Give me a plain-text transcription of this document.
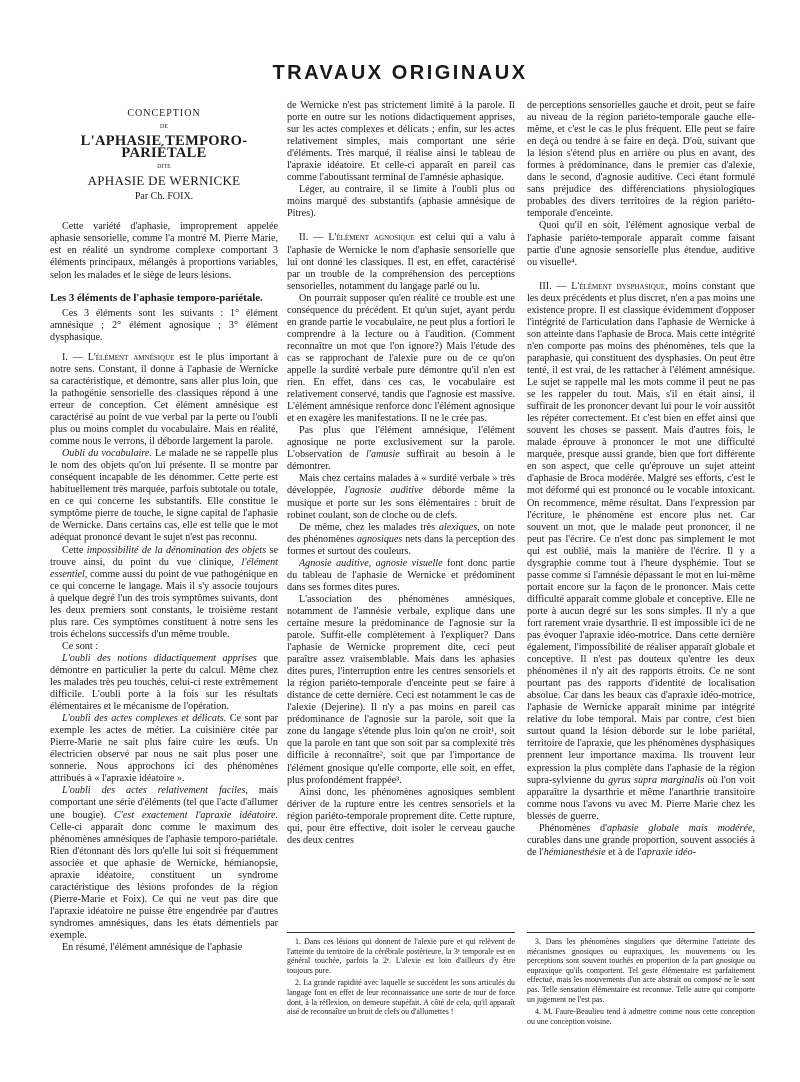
TRAVAUX ORIGINAUX
CONCEPTION
DE
L'APHASIE TEMPORO-PARIÉTALE
DITE
APHASIE DE WERNICKE
Par Ch. FOIX.

Cette variété d'aphasie, improprement appelée aphasie sensorielle, comme l'a montré M. Pierre Marie, est en réalité un syndrome complexe comportant 3 éléments principaux, mélangés à proportions variables, selon les malades et le siège de leurs lésions.

Les 3 éléments de l'aphasie temporo-pariétale.

Ces 3 éléments sont les suivants : 1° élément amnésique ; 2° élément agnosique ; 3° élément dysphasique.

I. — L'élément amnésique est le plus important à notre sens. Constant, il donne à l'aphasie de Wernicke sa caractéristique, et démontre, sans aller plus loin, que la pathogénie sensorielle des classiques répond à une erreur de conception. Cet élément amnésique est caractérisé au point de vue verbal par la perte ou l'oubli plus ou moins complet du vocabulaire. Mais en réalité, comme nous le verrons, il déborde largement la parole.

Oubli du vocabulaire. Le malade ne se rappelle plus le nom des objets qu'on lui présente. Il se montre par conséquent incapable de les dénommer. Cette perte est habituellement très marquée, parfois subtotale ou totale, en ce qui concerne les substantifs. Elle constitue le symptôme pierre de touche, le signe capital de l'aphasie de Wernicke. Dans certains cas, elle est telle que le mot adéquat prononcé devant le sujet n'est pas reconnu.

Cette impossibilité de la dénomination des objets se trouve ainsi, du point du vue clinique, l'élément essentiel, comme aussi du point de vue pathogénique en ce qui concerne le langage. Mais il s'y associe toujours à quelque degré l'un des trois symptômes suivants, dont les deux premiers sont constants, le troisième restant plus rare. Ces symptômes constituent à notre sens les trois échelons successifs d'un même trouble.

Ce sont :

L'oubli des notions didactiquement apprises que démontre en particulier la perte du calcul. Même chez les malades très peu touchés, celui-ci reste extrêmement difficile. L'oubli porte à la fois sur les résultats élémentaires et le mécanisme de l'opération.

L'oubli des actes complexes et délicats. Ce sont par exemple les actes de métier. La cuisinière citée par Pierre-Marie ne sait plus faire cuire les œufs. Un électricien observé par nous ne sait plus poser une sonnerie. Nous approchons ici des phénomènes attribués à « l'apraxie idéatoire ».

L'oubli des actes relativement faciles, mais comportant une série d'éléments (tel que l'acte d'allumer une bougie). C'est exactement l'apraxie idéatoire. Celle-ci apparaît donc comme le maximum des phénomènes amnésiques de l'aphasie temporo-pariétale. Rien d'étonnant dès lors qu'elle lui soit si fréquemment associée et que aphasie de Wernicke, hémianopsie, apraxie idéatoire, constituent un syndrome caractéristique des lésions profondes de la région (Pierre-Marie et Foix). Ce qui ne veut pas dire que l'apraxie idéatoire ne puisse être engendrée par d'autres syndromes amnésiques, dans les états démentiels par exemple.

En résumé, l'élément amnésique de l'aphasie

de Wernicke n'est pas strictement limité à la parole. Il porte en outre sur les notions didactiquement apprises, sur les actes complexes et délicats ; enfin, sur les actes relativement simples, mais comportant une série d'éléments. Très marqué, il réalise ainsi le tableau de l'apraxie idéatoire. Et celle-ci apparaît en pareil cas comme l'aboutissant terminal de l'amnésie aphasique.

Léger, au contraire, il se limite à l'oubli plus ou moins marqué des substantifs (aphasie amnésique de Pitres).

II. — L'élément agnosique est celui qui a valu à l'aphasie de Wernicke le nom d'aphasie sensorielle que lui ont donné les classiques. Il est, en effet, caractérisé par un trouble de la compréhension des perceptions sensorielles, notamment du langage parlé ou lu.

On pourrait supposer qu'en réalité ce trouble est une conséquence du précédent. Et qu'un sujet, ayant perdu en grande partie le vocabulaire, ne peut plus a fortiori le comprendre à la lecture ou à l'audition. (Comment reconnaître un mot que l'on ignore?) Mais l'étude des cas se rapprochant de l'alexie pure ou de ce qu'on appelle la surdité verbale pure démontre qu'il n'en est rien. En effet, dans ces cas, le vocabulaire est relativement conservé, tandis que l'agnosie est massive. L'élément amnésique renforce donc l'élément agnosique et en exagère les manifestations. Il ne le crée pas.

Pas plus que l'élément amnésique, l'élément agnosique ne porte exclusivement sur la parole. L'observation de l'amusie suffirait au besoin à le démontrer.

Mais chez certains malades à « surdité verbale » très développée, l'agnosie auditive déborde même la musique et porte sur les sons élémentaires : bruit de robinet coulant, son de cloche ou de clefs.

De même, chez les malades très alexiques, on note des phénomènes agnosiques nets dans la perception des formes et surtout des couleurs.

Agnosie auditive, agnosie visuelle font donc partie du tableau de l'aphasie de Wernicke et prédominent dans ses formes dites pures.

L'association des phénomènes amnésiques, notamment de l'amnésie verbale, explique dans une certaine mesure la prédominance de l'agnosie sur la parole. Suffit-elle complètement à l'expliquer? Dans l'aphasie de Wernicke proprement dite, ceci peut paraître assez vraisemblable. Mais dans les aphasies dites pures, l'interruption entre les centres sensoriels et la région pariéto-temporale d'enceinte peut se faire à distance de cette dernière. Ceci est notamment le cas de l'alexie (Dejerine). Il n'y a pas moins en pareil cas prédominance de l'agnosie sur la parole, soit que la zone du langage s'étende plus loin qu'on ne croit¹, soit que la parole en tant que son soit par sa complexité très difficile à reconnaître², soit que par l'importance de l'élément gnosique qu'elle comporte, elle soit, en effet, plus profondément frappée³.

Ainsi donc, les phénomènes agnosiques semblent dériver de la rupture entre les centres sensoriels et la région pariéto-temporale proprement dite. Cette rupture, qui, pour être effective, doit isoler le cerveau gauche des deux centres

de perceptions sensorielles gauche et droit, peut se faire au niveau de la région pariéto-temporale gauche elle-même, et c'est le cas le plus fréquent. Elle peut se faire en deçà ou tendre à se faire en deçà. D'où, suivant que la lésion s'étend plus en arrière ou plus en avant, des formes à prédominance, dans le premier cas d'alexie, dans le second, d'agnosie auditive. Ceci étant formulé sans préjudice des différenciations physiologiques probables des divers territoires de la région pariéto-temporale d'enceinte.

Quoi qu'il en soit, l'élément agnosique verbal de l'aphasie pariéto-temporale apparaît comme faisant partie d'une agnosie sensorielle plus étendue, auditive ou visuelle⁴.

III. — L'élément dysphasique, moins constant que les deux précédents et plus discret, n'en a pas moins une existence propre. Il est classique évidemment d'opposer l'intégrité de l'articulation dans l'aphasie de Wernicke à son atteinte dans l'aphasie de Broca. Mais cette intégrité n'en comporte pas moins des phénomènes, tels que la paraphasie, qui constituent des dysphasies. On peut être tenté, il est vrai, de les rattacher à l'élément amnésique. Le sujet se rappelle mal les mots comme il peut ne pas se les rappeler du tout. Mais, s'il en était ainsi, il suffirait de les prononcer devant lui pour le voir aussitôt les répéter correctement. Et c'est bien en effet ainsi que souvent les choses se passent. Mais d'autres fois, le malade éprouve à prononcer le mot une difficulté marquée, presque aussi grande, bien que fort différente en son aspect, que celle qu'éprouve un sujet atteint d'aphasie de Broca modérée. Malgré ses efforts, c'est le mot déformé qui est prononcé ou le vocable intoxicant. On recommence, même résultat. Dans l'expression par l'écriture, le phénomène est encore plus net. Car souvent un mot, que le malade peut prononcer, il ne peut pas l'écrire. Ce n'est donc pas simplement le mot qui est oublié, mais la manière de l'écrire. Il y a dysgraphie comme tout à l'heure dysphémie. Tout se passe comme si l'amnésie dépassant le mot en lui-même portait encore sur la façon de le prononcer. Mais cette difficulté apparaît comme globale et conceptive. Elle ne porte à aucun degré sur les sons simples. Il n'y a que fort rarement vraie dysarthrie. Il est impossible ici de ne pas évoquer l'apraxie idéo-motrice. Dans cette dernière également, l'impossibilité de réaliser apparaît globale et conceptive. Il n'est pas douteux qu'entre les deux phénomènes il n'y ait des rapports étroits. Ce ne sont pourtant pas des rapports d'identité de localisation absolue. Car dans les beaux cas d'apraxie idéo-motrice, l'aphasie de Wernicke apparaît minime par intégrité relative du lobe temporal. Mais par contre, c'est bien surtout quand la lésion déborde sur le lobe pariétal, territoire de l'apraxie, que les phénomènes dysphasiques prennent leur importance maxima. Ils trouvent leur expression la plus complète dans l'aphasie de la région supra-sylvienne du gyrus supra marginalis où l'on voit apparaître la dysarthrie et même l'anarthrie transitoire comme nous l'avons vu avec M. Pierre Marie chez les blessés de guerre.

Phénomènes d'aphasie globale mais modérée, curables dans une grande proportion, souvent associés à de l'hémianesthésie et à de l'apraxie idéo-

1. Dans ces lésions qui donnent de l'alexie pure et qui relèvent de l'atteinte du territoire de la cérébrale postérieure, la 3ᵉ temporale est en général touchée, parfois la 2ᵉ. L'alexie est loin d'ailleurs d'y être toujours pure.

2. La grande rapidité avec laquelle se succèdent les sons articulés du langage font en effet de leur reconnaissance une sorte de tour de force dont, à la réflexion, on demeure stupéfait. A côté de cela, qu'il apparaît aisé de reconnaître un bruit de clefs ou d'allumettes !

3. Dans les phénomènes singuliers que détermine l'atteinte des mécanismes gnosiques ou eupraxiques, les mouvements ou les perceptions sont souvent touchés en proportion de la part gnosique ou eupraxique qu'ils comportent. Tel geste élémentaire est parfaitement effectué, mais les mouvements d'un acte abstrait ou composé ne le sont pas. Telle sensation élémentaire est reconnue. Telle autre qui comporte un jugement ne l'est pas.

4. M. Faure-Beaulieu tend à admettre comme nous cette conception ou une conception voisine.
